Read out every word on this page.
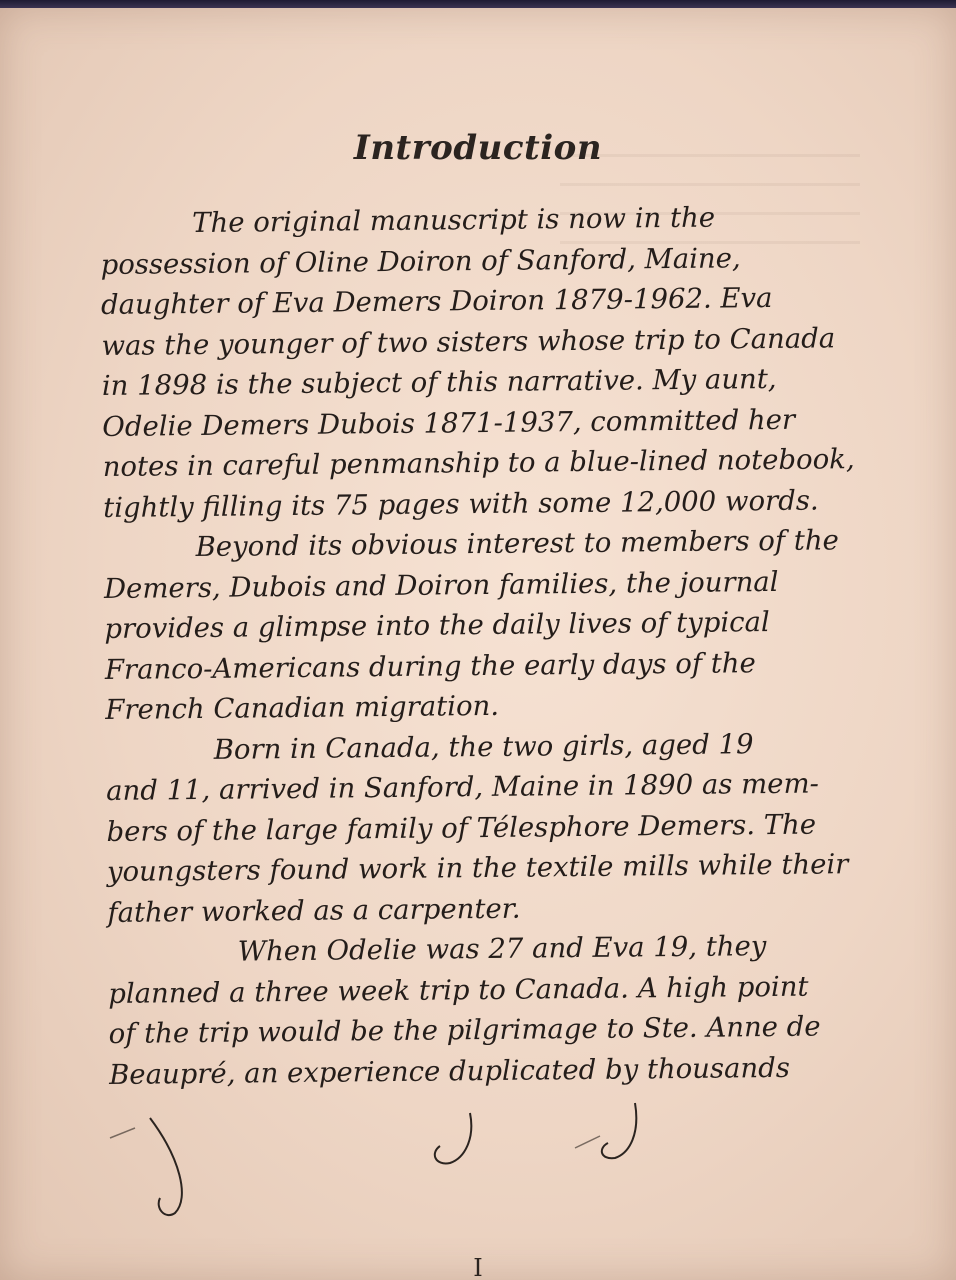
Introduction
The original manuscript is now in the
possession of Oline Doiron of Sanford, Maine,
daughter of Eva Demers Doiron 1879-1962. Eva
was the younger of two sisters whose trip to Canada
in 1898 is the subject of this narrative. My aunt,
Odelie Demers Dubois 1871-1937, committed her
notes in careful penmanship to a blue-lined notebook,
tightly filling its 75 pages with some 12,000 words.
Beyond its obvious interest to members of the
Demers, Dubois and Doiron families, the journal
provides a glimpse into the daily lives of typical
Franco-Americans during the early days of the
French Canadian migration.
Born in Canada, the two girls, aged 19
and 11, arrived in Sanford, Maine in 1890 as mem-
bers of the large family of Télesphore Demers. The
youngsters found work in the textile mills while their
father worked as a carpenter.
When Odelie was 27 and Eva 19, they
planned a three week trip to Canada. A high point
of the trip would be the pilgrimage to Ste. Anne de
Beaupré, an experience duplicated by thousands
I
